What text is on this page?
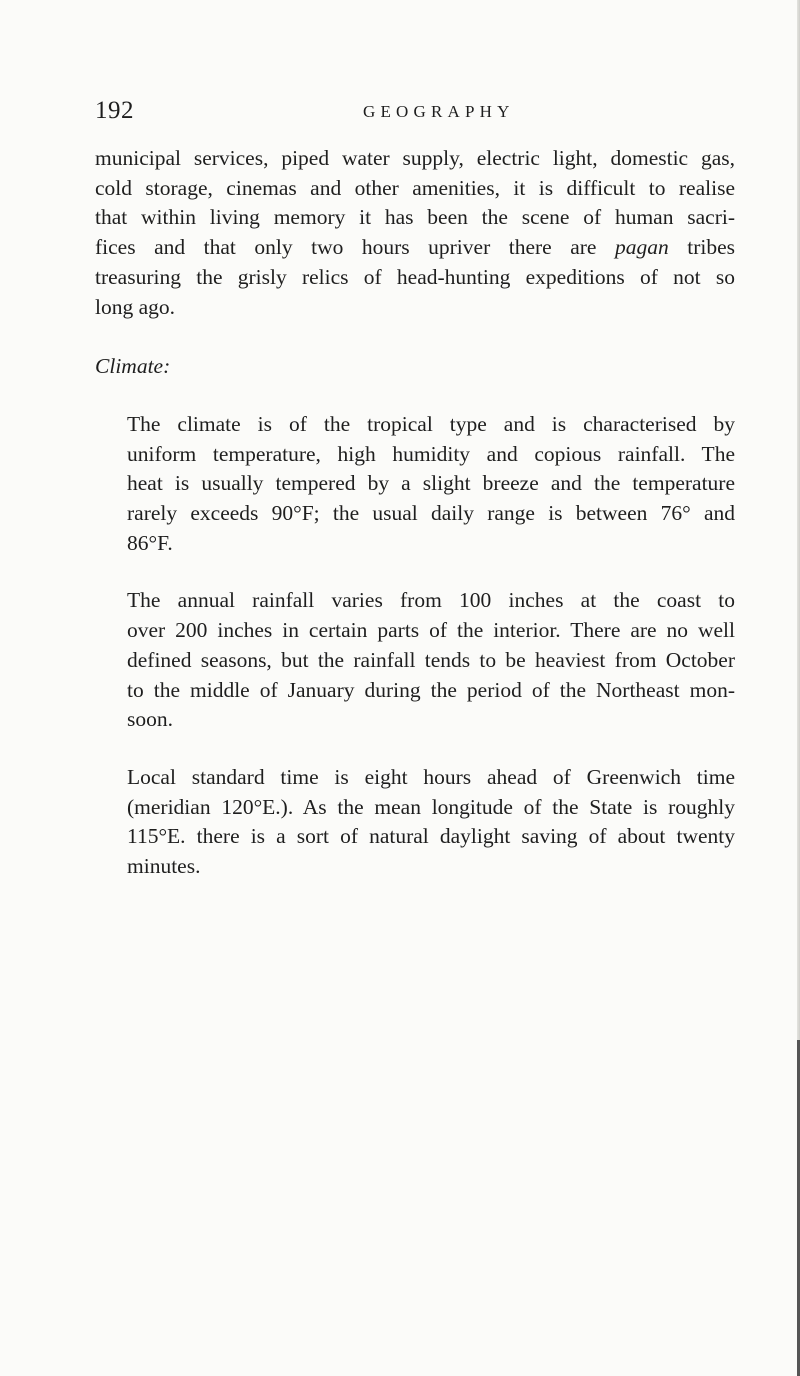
192	GEOGRAPHY

municipal services, piped water supply, electric light, domestic gas,
cold storage, cinemas and other amenities, it is difficult to realise
that within living memory it has been the scene of human sacri-
fices and that only two hours upriver there are pagan tribes
treasuring the grisly relics of head-hunting expeditions of not so
long ago.

Climate:

The climate is of the tropical type and is characterised by
uniform temperature, high humidity and copious rainfall. The
heat is usually tempered by a slight breeze and the temperature
rarely exceeds 90°F; the usual daily range is between 76° and
86°F.

The annual rainfall varies from 100 inches at the coast to
over 200 inches in certain parts of the interior. There are no well
defined seasons, but the rainfall tends to be heaviest from October
to the middle of January during the period of the Northeast mon-
soon.

Local standard time is eight hours ahead of Greenwich time
(meridian 120°E.). As the mean longitude of the State is roughly
115°E. there is a sort of natural daylight saving of about twenty
minutes.
